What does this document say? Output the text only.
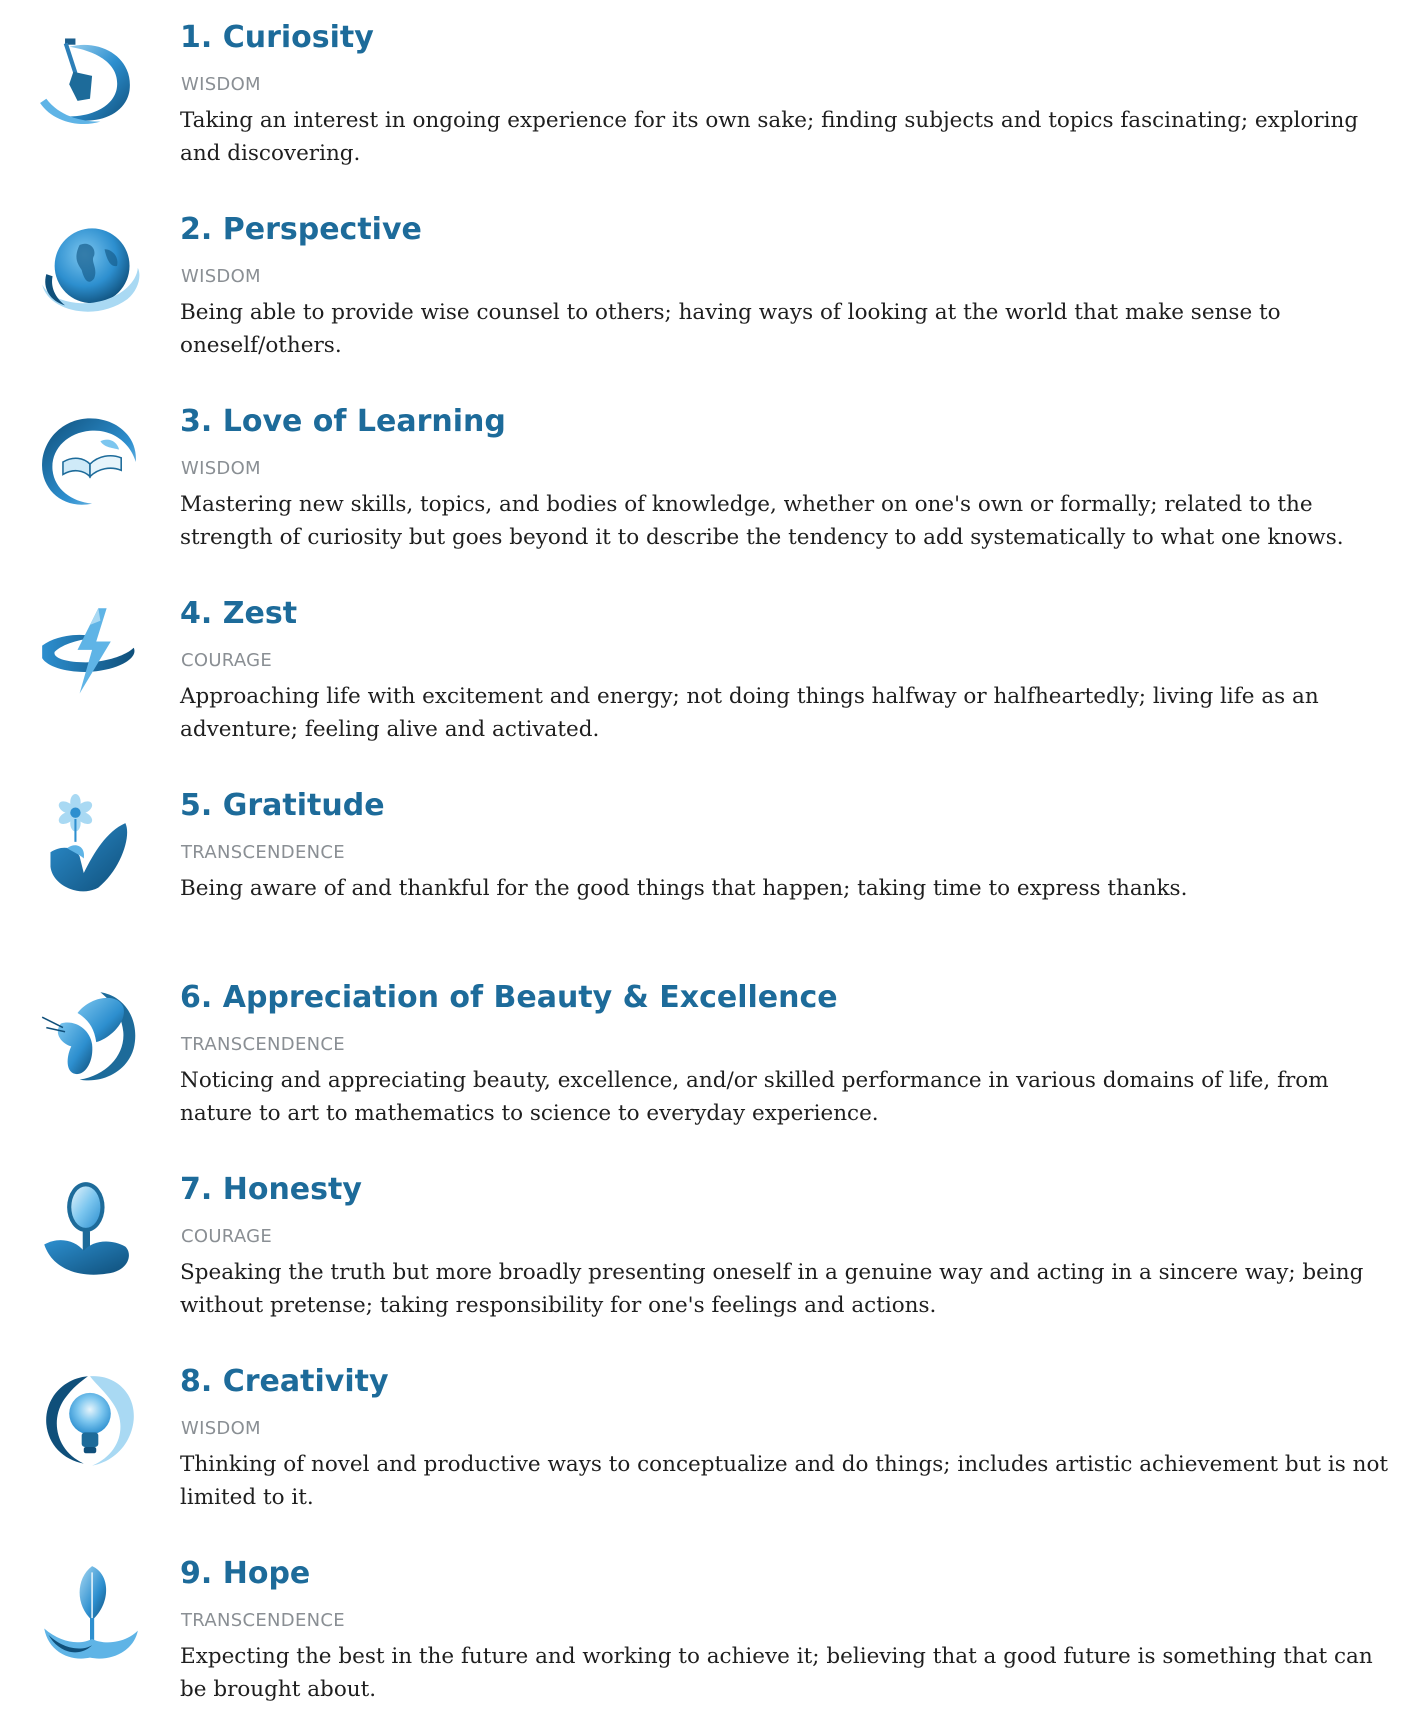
1. Curiosity
WISDOM

Taking an interest in ongoing experience for its own sake; finding subjects and topics fascinating; exploring and discovering.

2. Perspective
WISDOM

Being able to provide wise counsel to others; having ways of looking at the world that make sense to oneself/others.

3. Love of Learning
WISDOM

Mastering new skills, topics, and bodies of knowledge, whether on one's own or formally; related to the strength of curiosity but goes beyond it to describe the tendency to add systematically to what one knows.

4. Zest
COURAGE

Approaching life with excitement and energy; not doing things halfway or halfheartedly; living life as an adventure; feeling alive and activated.

5. Gratitude
TRANSCENDENCE

Being aware of and thankful for the good things that happen; taking time to express thanks.

6. Appreciation of Beauty & Excellence
TRANSCENDENCE

Noticing and appreciating beauty, excellence, and/or skilled performance in various domains of life, from nature to art to mathematics to science to everyday experience.

7. Honesty
COURAGE

Speaking the truth but more broadly presenting oneself in a genuine way and acting in a sincere way; being without pretense; taking responsibility for one's feelings and actions.

8. Creativity
WISDOM

Thinking of novel and productive ways to conceptualize and do things; includes artistic achievement but is not limited to it.

9. Hope
TRANSCENDENCE

Expecting the best in the future and working to achieve it; believing that a good future is something that can be brought about.
